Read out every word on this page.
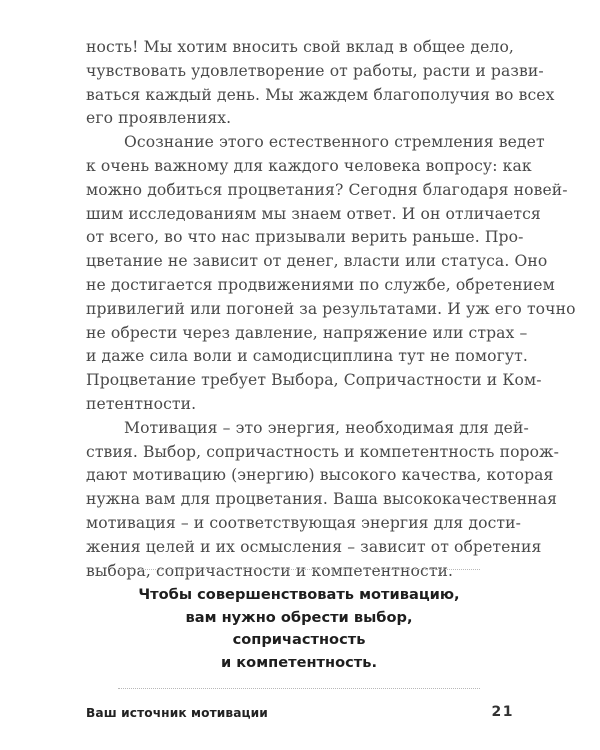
ность! Мы хотим вносить свой вклад в общее дело,
чувствовать удовлетворение от работы, расти и разви-
ваться каждый день. Мы жаждем благополучия во всех
его проявлениях.
Осознание этого естественного стремления ведет
к очень важному для каждого человека вопросу: как
можно добиться процветания? Сегодня благодаря новей-
шим исследованиям мы знаем ответ. И он отличается
от всего, во что нас призывали верить раньше. Про-
цветание не зависит от денег, власти или статуса. Оно
не достигается продвижениями по службе, обретением
привилегий или погоней за результатами. И уж его точно
не обрести через давление, напряжение или страх –
и даже сила воли и самодисциплина тут не помогут.
Процветание требует Выбора, Сопричастности и Ком-
петентности.
Мотивация – это энергия, необходимая для дей-
ствия. Выбор, сопричастность и компетентность порож-
дают мотивацию (энергию) высокого качества, которая
нужна вам для процветания. Ваша высококачественная
мотивация – и соответствующая энергия для дости-
жения целей и их осмысления – зависит от обретения
выбора, сопричастности и компетентности.
Чтобы совершенствовать мотивацию,
вам нужно обрести выбор, сопричастность
и компетентность.
Ваш источник мотивации	21
